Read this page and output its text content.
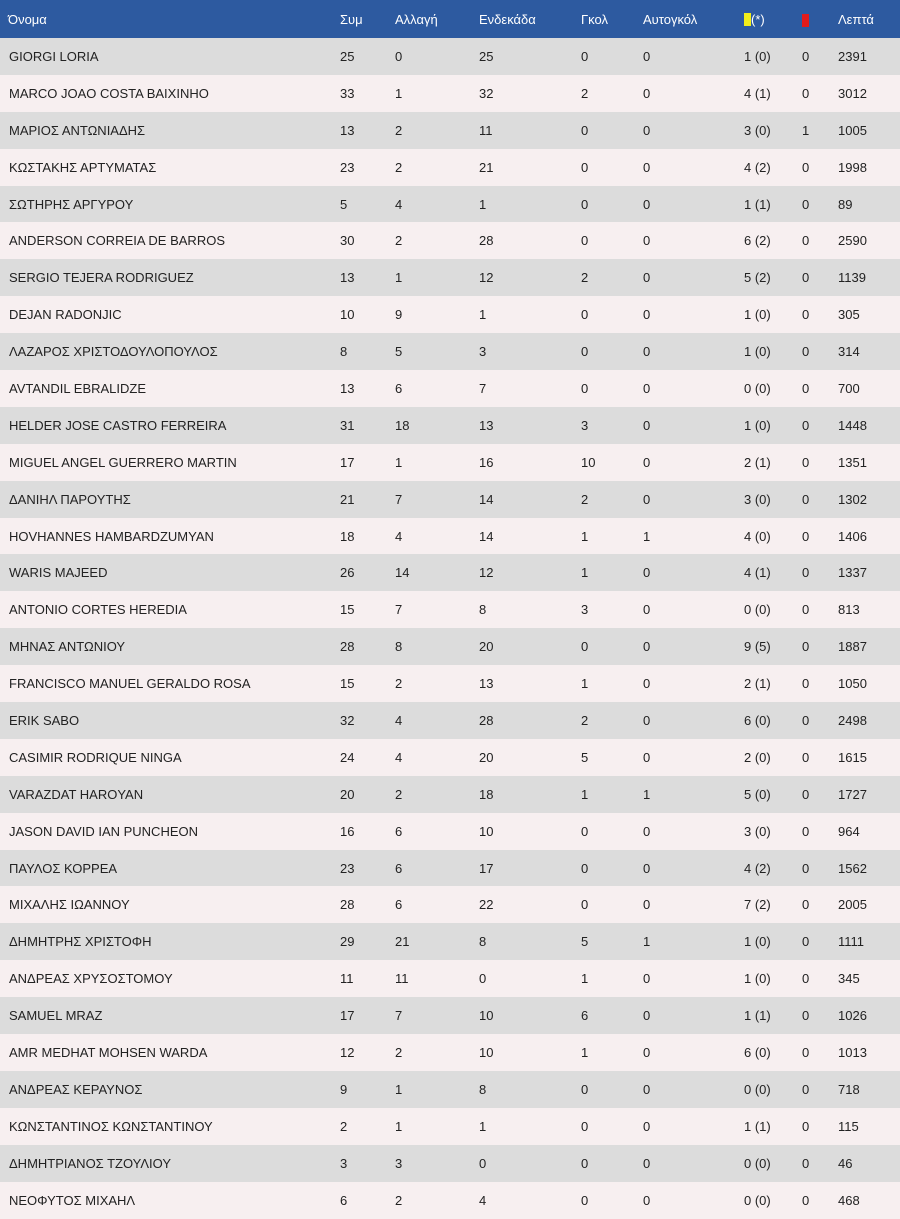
Όνομα	Συμ	Αλλαγή	Ενδεκάδα	Γκολ	Αυτογκόλ	(*)		Λεπτά
GIORGI LORIA	25	0	25	0	0	1 (0)	0	2391
MARCO JOAO COSTA BAIXINHO	33	1	32	2	0	4 (1)	0	3012
ΜΑΡΙΟΣ ΑΝΤΩΝΙΑΔΗΣ	13	2	11	0	0	3 (0)	1	1005
ΚΩΣΤΑΚΗΣ ΑΡΤΥΜΑΤΑΣ	23	2	21	0	0	4 (2)	0	1998
ΣΩΤΗΡΗΣ ΑΡΓΥΡΟΥ	5	4	1	0	0	1 (1)	0	89
ANDERSON CORREIA DE BARROS	30	2	28	0	0	6 (2)	0	2590
SERGIO TEJERA RODRIGUEZ	13	1	12	2	0	5 (2)	0	1139
DEJAN RADONJIC	10	9	1	0	0	1 (0)	0	305
ΛΑΖΑΡΟΣ ΧΡΙΣΤΟΔΟΥΛΟΠΟΥΛΟΣ	8	5	3	0	0	1 (0)	0	314
AVTANDIL EBRALIDZE	13	6	7	0	0	0 (0)	0	700
HELDER JOSE CASTRO FERREIRA	31	18	13	3	0	1 (0)	0	1448
MIGUEL ANGEL GUERRERO MARTIN	17	1	16	10	0	2 (1)	0	1351
ΔΑΝΙΗΛ ΠΑΡΟΥΤΗΣ	21	7	14	2	0	3 (0)	0	1302
HOVHANNES HAMBARDZUMYAN	18	4	14	1	1	4 (0)	0	1406
WARIS MAJEED	26	14	12	1	0	4 (1)	0	1337
ANTONIO CORTES HEREDIA	15	7	8	3	0	0 (0)	0	813
ΜΗΝΑΣ ΑΝΤΩΝΙΟΥ	28	8	20	0	0	9 (5)	0	1887
FRANCISCO MANUEL GERALDO ROSA	15	2	13	1	0	2 (1)	0	1050
ERIK SABO	32	4	28	2	0	6 (0)	0	2498
CASIMIR RODRIQUE NINGA	24	4	20	5	0	2 (0)	0	1615
VARAZDAT HAROYAN	20	2	18	1	1	5 (0)	0	1727
JASON DAVID IAN PUNCHEON	16	6	10	0	0	3 (0)	0	964
ΠΑΥΛΟΣ ΚΟΡΡΕΑ	23	6	17	0	0	4 (2)	0	1562
ΜΙΧΑΛΗΣ ΙΩΑΝΝΟΥ	28	6	22	0	0	7 (2)	0	2005
ΔΗΜΗΤΡΗΣ ΧΡΙΣΤΟΦΗ	29	21	8	5	1	1 (0)	0	1111
ΑΝΔΡΕΑΣ ΧΡΥΣΟΣΤΟΜΟΥ	11	11	0	1	0	1 (0)	0	345
SAMUEL MRAZ	17	7	10	6	0	1 (1)	0	1026
AMR MEDHAT MOHSEN WARDA	12	2	10	1	0	6 (0)	0	1013
ΑΝΔΡΕΑΣ ΚΕΡΑΥΝΟΣ	9	1	8	0	0	0 (0)	0	718
ΚΩΝΣΤΑΝΤΙΝΟΣ ΚΩΝΣΤΑΝΤΙΝΟΥ	2	1	1	0	0	1 (1)	0	115
ΔΗΜΗΤΡΙΑΝΟΣ ΤΖΟΥΛΙΟΥ	3	3	0	0	0	0 (0)	0	46
ΝΕΟΦΥΤΟΣ ΜΙΧΑΗΛ	6	2	4	0	0	0 (0)	0	468
